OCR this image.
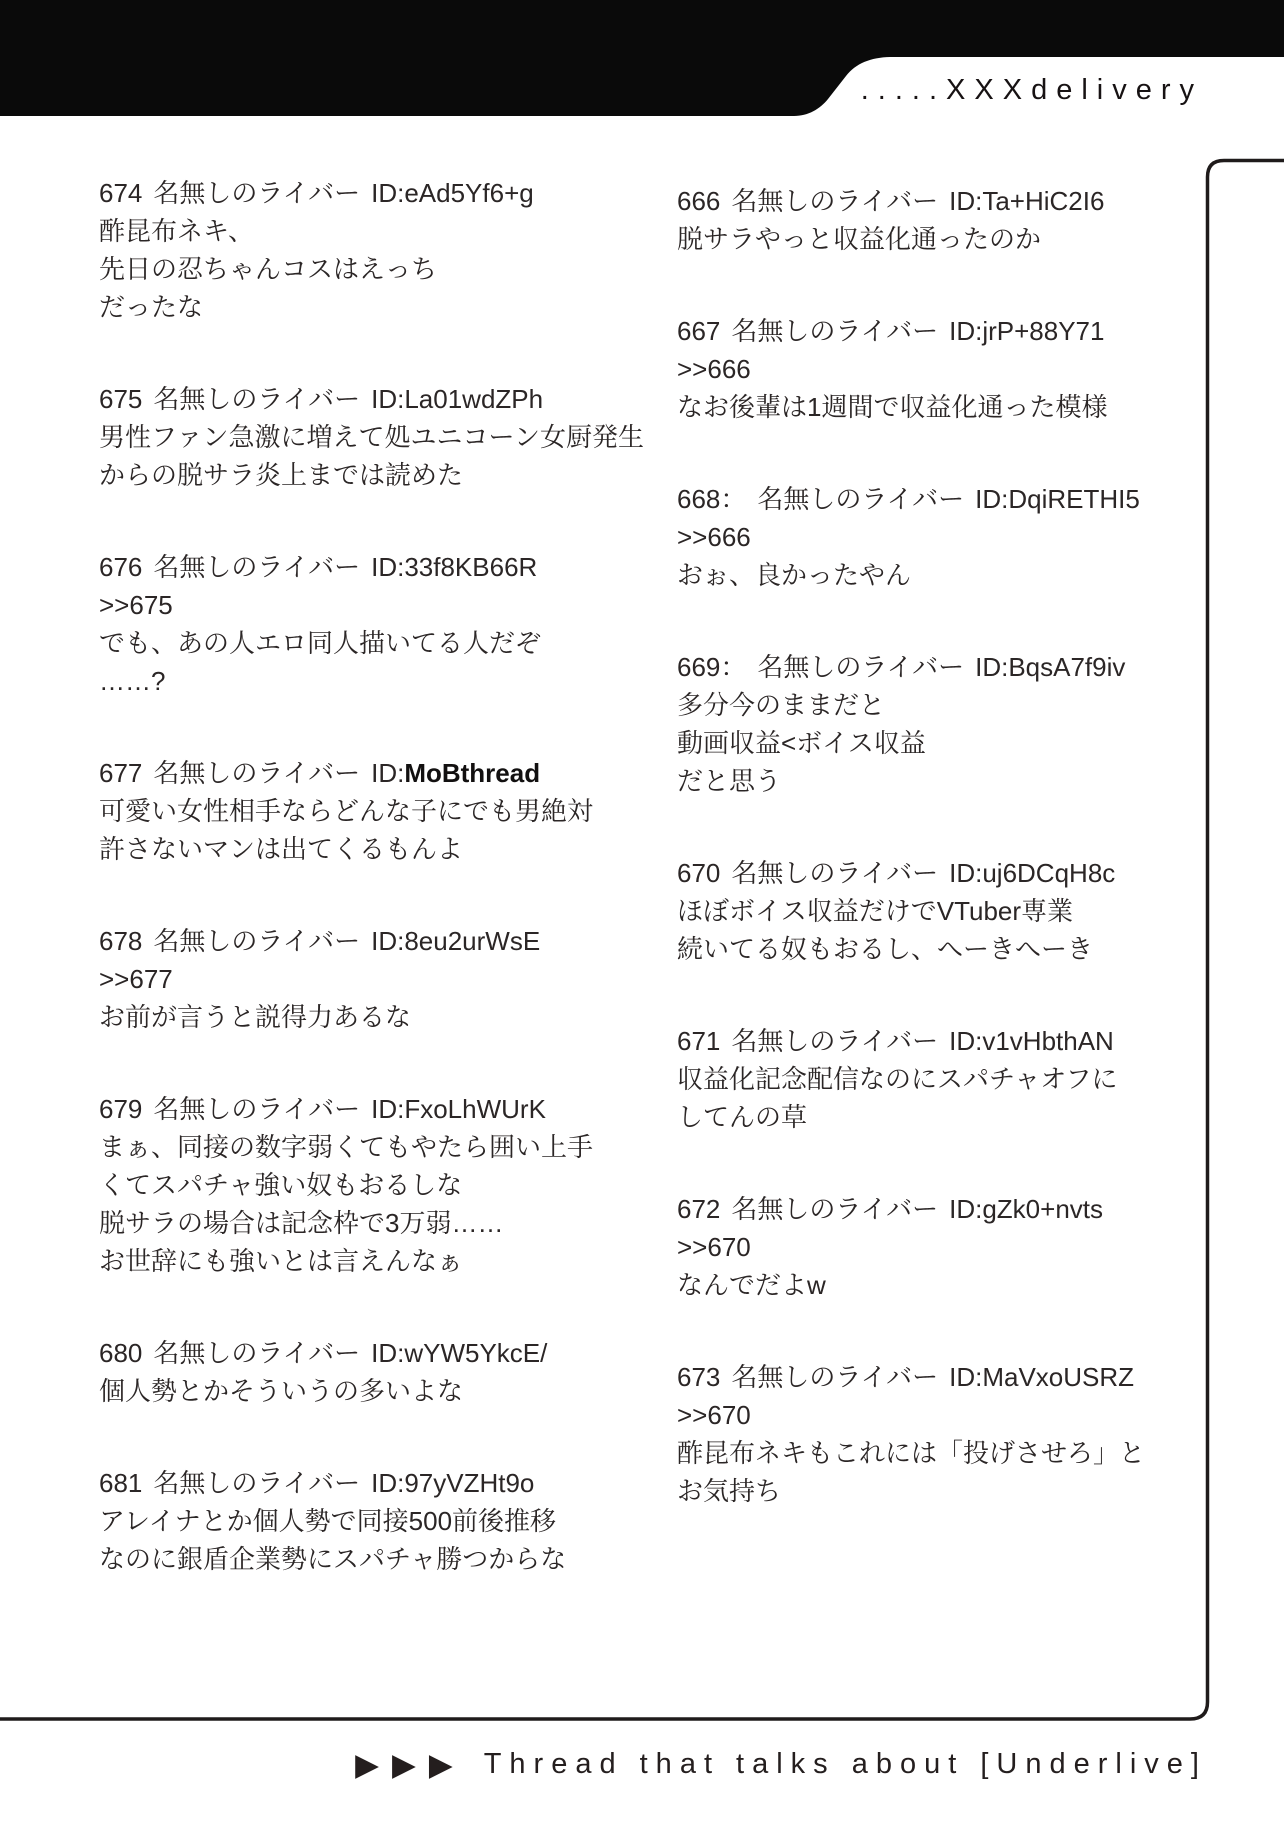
.....XXXdelivery
674 名無しのライバー ID:eAd5Yf6+g
酢昆布ネキ、
先日の忍ちゃんコスはえっち
だったな
675 名無しのライバー ID:La01wdZPh
男性ファン急激に増えて処ユニコーン女厨発生
からの脱サラ炎上までは読めた
676 名無しのライバー ID:33f8KB66R
>>675
でも、あの人エロ同人描いてる人だぞ
……?
677 名無しのライバー ID:MoBthread
可愛い女性相手ならどんな子にでも男絶対
許さないマンは出てくるもんよ
678 名無しのライバー ID:8eu2urWsE
>>677
お前が言うと説得力あるな
679 名無しのライバー ID:FxoLhWUrK
まぁ、同接の数字弱くてもやたら囲い上手
くてスパチャ強い奴もおるしな
脱サラの場合は記念枠で3万弱……
お世辞にも強いとは言えんなぁ
680 名無しのライバー ID:wYW5YkcE/
個人勢とかそういうの多いよな
681 名無しのライバー ID:97yVZHt9o
アレイナとか個人勢で同接500前後推移
なのに銀盾企業勢にスパチャ勝つからな
666 名無しのライバー ID:Ta+HiC2I6
脱サラやっと収益化通ったのか
667 名無しのライバー ID:jrP+88Y71
>>666
なお後輩は1週間で収益化通った模様
668： 名無しのライバー ID:DqiRETHI5
>>666
おぉ、良かったやん
669： 名無しのライバー ID:BqsA7f9iv
多分今のままだと
動画収益<ボイス収益
だと思う
670 名無しのライバー ID:uj6DCqH8c
ほぼボイス収益だけでVTuber専業
続いてる奴もおるし、へーきへーき
671 名無しのライバー ID:v1vHbthAN
収益化記念配信なのにスパチャオフに
してんの草
672 名無しのライバー ID:gZk0+nvts
>>670
なんでだよw
673 名無しのライバー ID:MaVxoUSRZ
>>670
酢昆布ネキもこれには「投げさせろ」と
お気持ち
▶▶▶ Thread that talks about [Underlive]
